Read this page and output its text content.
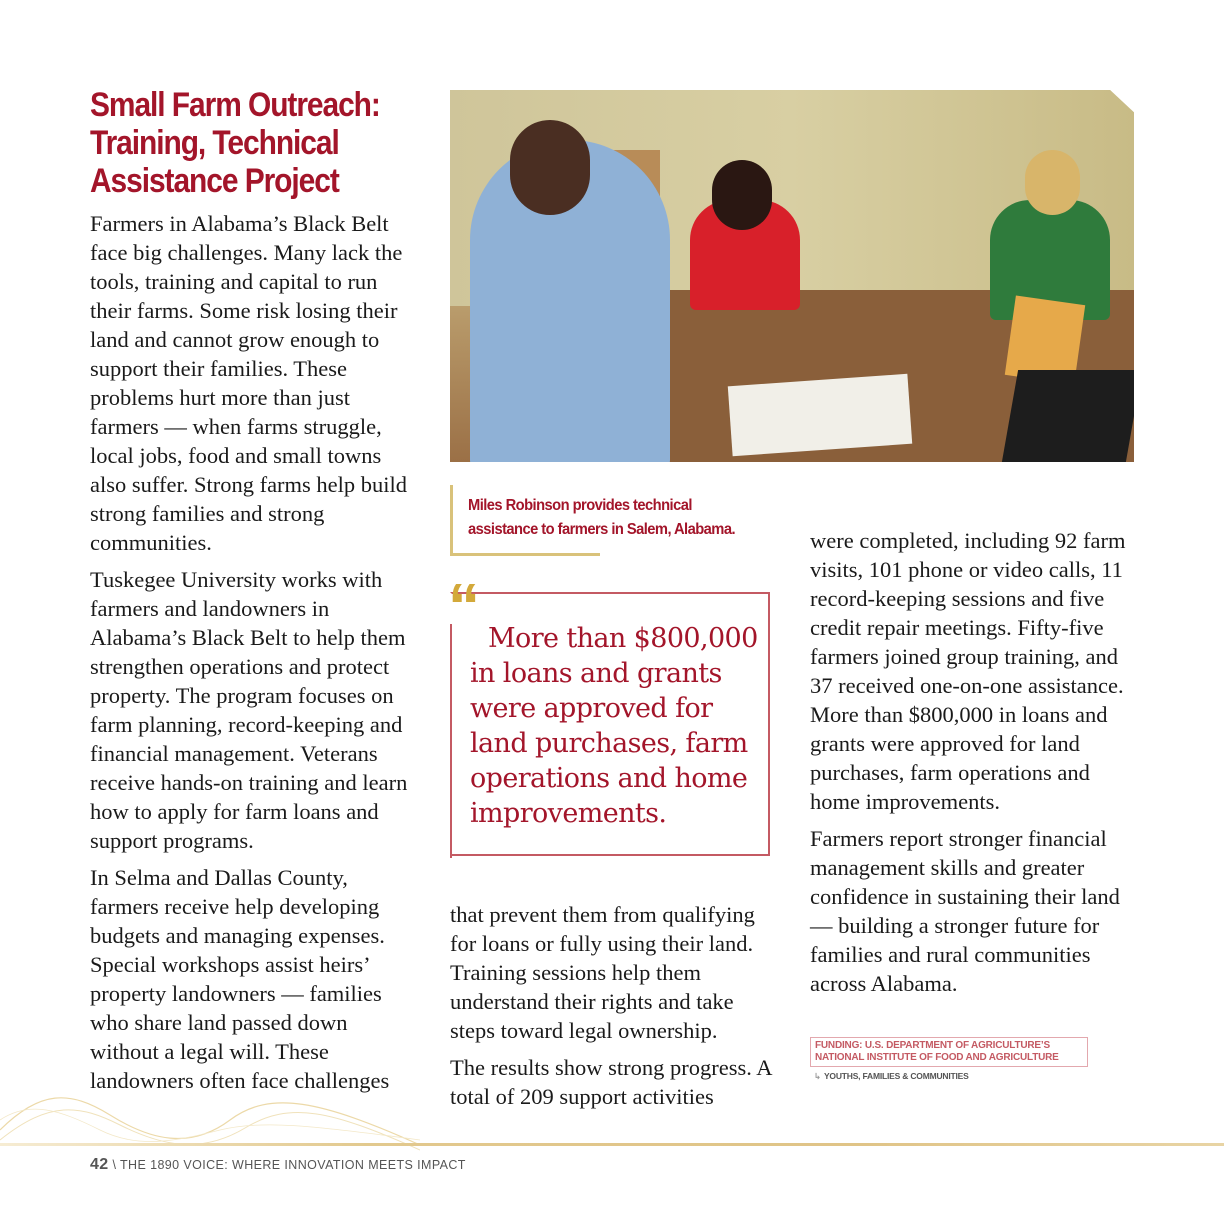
Small Farm Outreach: Training, Technical Assistance Project

Farmers in Alabama’s Black Belt face big challenges. Many lack the tools, training and capital to run their farms. Some risk losing their land and cannot grow enough to support their families. These problems hurt more than just farmers — when farms struggle, local jobs, food and small towns also suffer. Strong farms help build strong families and strong communities.

Tuskegee University works with farmers and landowners in Alabama’s Black Belt to help them strengthen operations and protect property. The program focuses on farm planning, record-keeping and financial management. Veterans receive hands-on training and learn how to apply for farm loans and support programs.

In Selma and Dallas County, farmers receive help developing budgets and managing expenses. Special workshops assist heirs’ property landowners — families who share land passed down without a legal will. These landowners often face challenges

Miles Robinson provides technical assistance to farmers in Salem, Alabama.

“ More than $800,000 in loans and grants were approved for land purchases, farm operations and home improvements.

that prevent them from qualifying for loans or fully using their land. Training sessions help them understand their rights and take steps toward legal ownership.

The results show strong progress. A total of 209 support activities

were completed, including 92 farm visits, 101 phone or video calls, 11 record-keeping sessions and five credit repair meetings. Fifty-five farmers joined group training, and 37 received one-on-one assistance. More than $800,000 in loans and grants were approved for land purchases, farm operations and home improvements.

Farmers report stronger financial management skills and greater confidence in sustaining their land — building a stronger future for families and rural communities across Alabama.

FUNDING: U.S. DEPARTMENT OF AGRICULTURE’S NATIONAL INSTITUTE OF FOOD AND AGRICULTURE

↳ YOUTHS, FAMILIES & COMMUNITIES

42 \ THE 1890 VOICE: WHERE INNOVATION MEETS IMPACT
